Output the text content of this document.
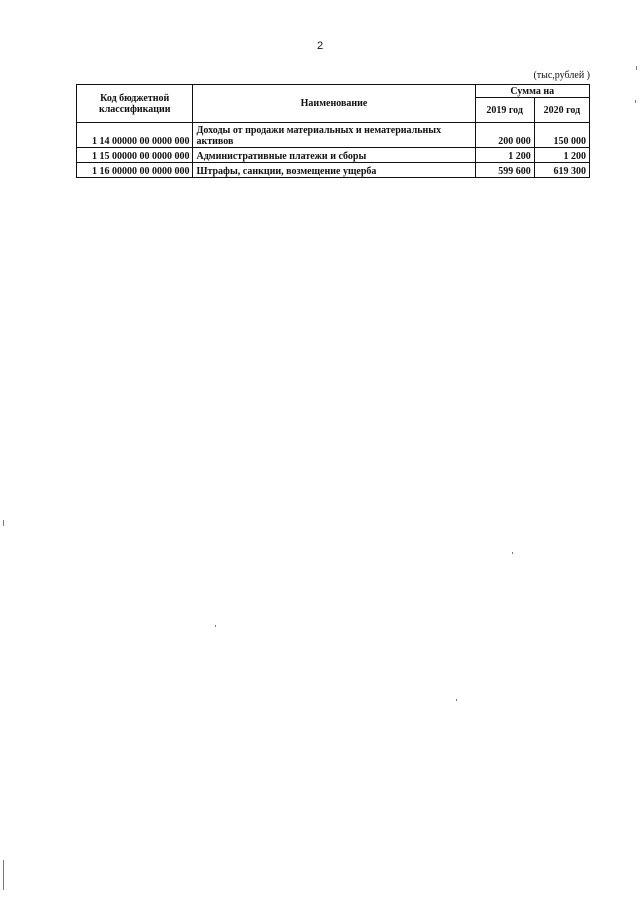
2
(тыс,рублей )
Код бюджетной классификации	Наименование	Сумма на	
		2019 год	2020 год
1 14 00000 00 0000 000	Доходы от продажи материальных и нематериальных активов	200 000	150 000
1 15 00000 00 0000 000	Административные платежи и сборы	1 200	1 200
1 16 00000 00 0000 000	Штрафы, санкции, возмещение ущерба	599 600	619 300
